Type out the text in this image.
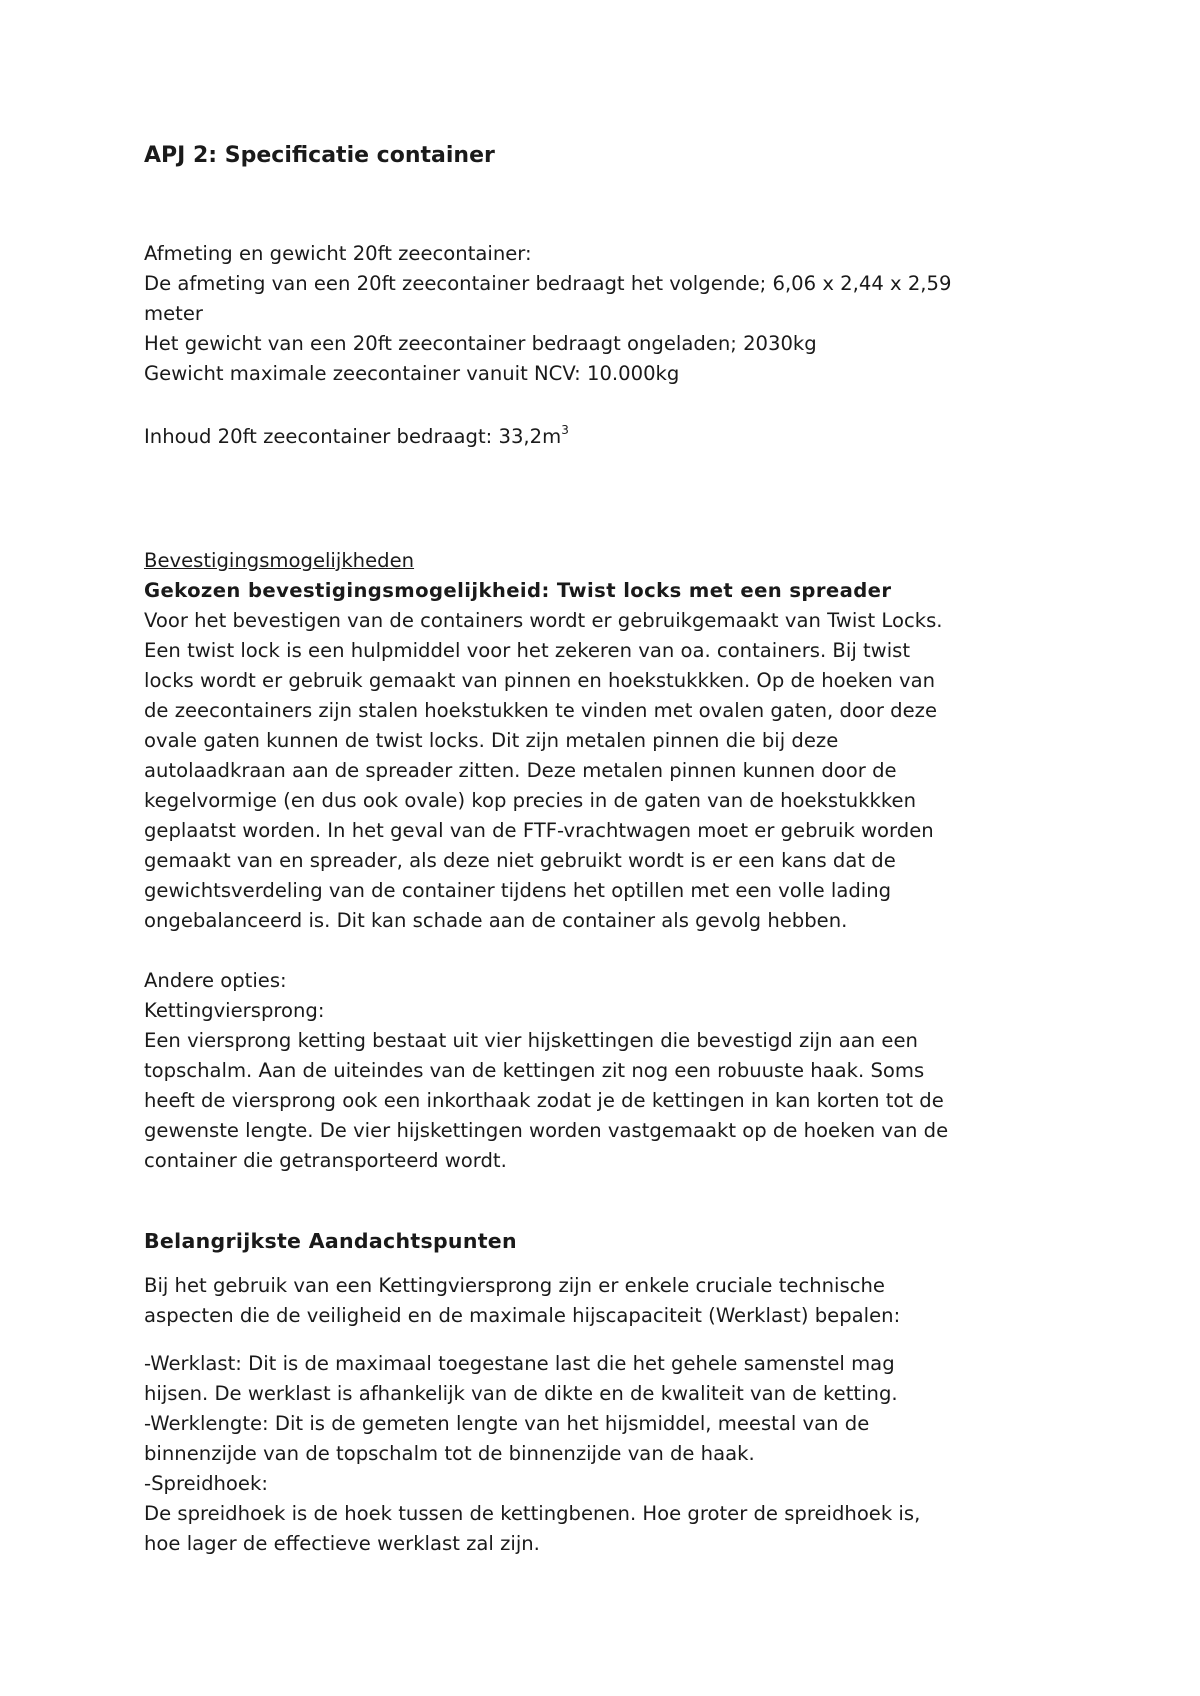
APJ 2: Specificatie container
Afmeting en gewicht 20ft zeecontainer:
De afmeting van een 20ft zeecontainer bedraagt het volgende; 6,06 x 2,44 x 2,59
meter
Het gewicht van een 20ft zeecontainer bedraagt ongeladen; 2030kg
Gewicht maximale zeecontainer vanuit NCV: 10.000kg
Inhoud 20ft zeecontainer bedraagt: $33,2m^3$
Bevestigingsmogelijkheden
Gekozen bevestigingsmogelijkheid: Twist locks met een spreader
Voor het bevestigen van de containers wordt er gebruikgemaakt van Twist Locks.
Een twist lock is een hulpmiddel voor het zekeren van oa. containers. Bij twist
locks wordt er gebruik gemaakt van pinnen en hoekstukkken. Op de hoeken van
de zeecontainers zijn stalen hoekstukken te vinden met ovalen gaten, door deze
ovale gaten kunnen de twist locks. Dit zijn metalen pinnen die bij deze
autolaadkraan aan de spreader zitten. Deze metalen pinnen kunnen door de
kegelvormige (en dus ook ovale) kop precies in de gaten van de hoekstukkken
geplaatst worden. In het geval van de FTF-vrachtwagen moet er gebruik worden
gemaakt van en spreader, als deze niet gebruikt wordt is er een kans dat de
gewichtsverdeling van de container tijdens het optillen met een volle lading
ongebalanceerd is. Dit kan schade aan de container als gevolg hebben.
Andere opties:
Kettingviersprong:
Een viersprong ketting bestaat uit vier hijskettingen die bevestigd zijn aan een
topschalm. Aan de uiteindes van de kettingen zit nog een robuuste haak. Soms
heeft de viersprong ook een inkorthaak zodat je de kettingen in kan korten tot de
gewenste lengte. De vier hijskettingen worden vastgemaakt op de hoeken van de
container die getransporteerd wordt.
Belangrijkste Aandachtspunten
Bij het gebruik van een Kettingviersprong zijn er enkele cruciale technische
aspecten die de veiligheid en de maximale hijscapaciteit (Werklast) bepalen:
-Werklast: Dit is de maximaal toegestane last die het gehele samenstel mag
hijsen. De werklast is afhankelijk van de dikte en de kwaliteit van de ketting.
-Werklengte: Dit is de gemeten lengte van het hijsmiddel, meestal van de
binnenzijde van de topschalm tot de binnenzijde van de haak.
-Spreidhoek:
De spreidhoek is de hoek tussen de kettingbenen. Hoe groter de spreidhoek is,
hoe lager de effectieve werklast zal zijn.
